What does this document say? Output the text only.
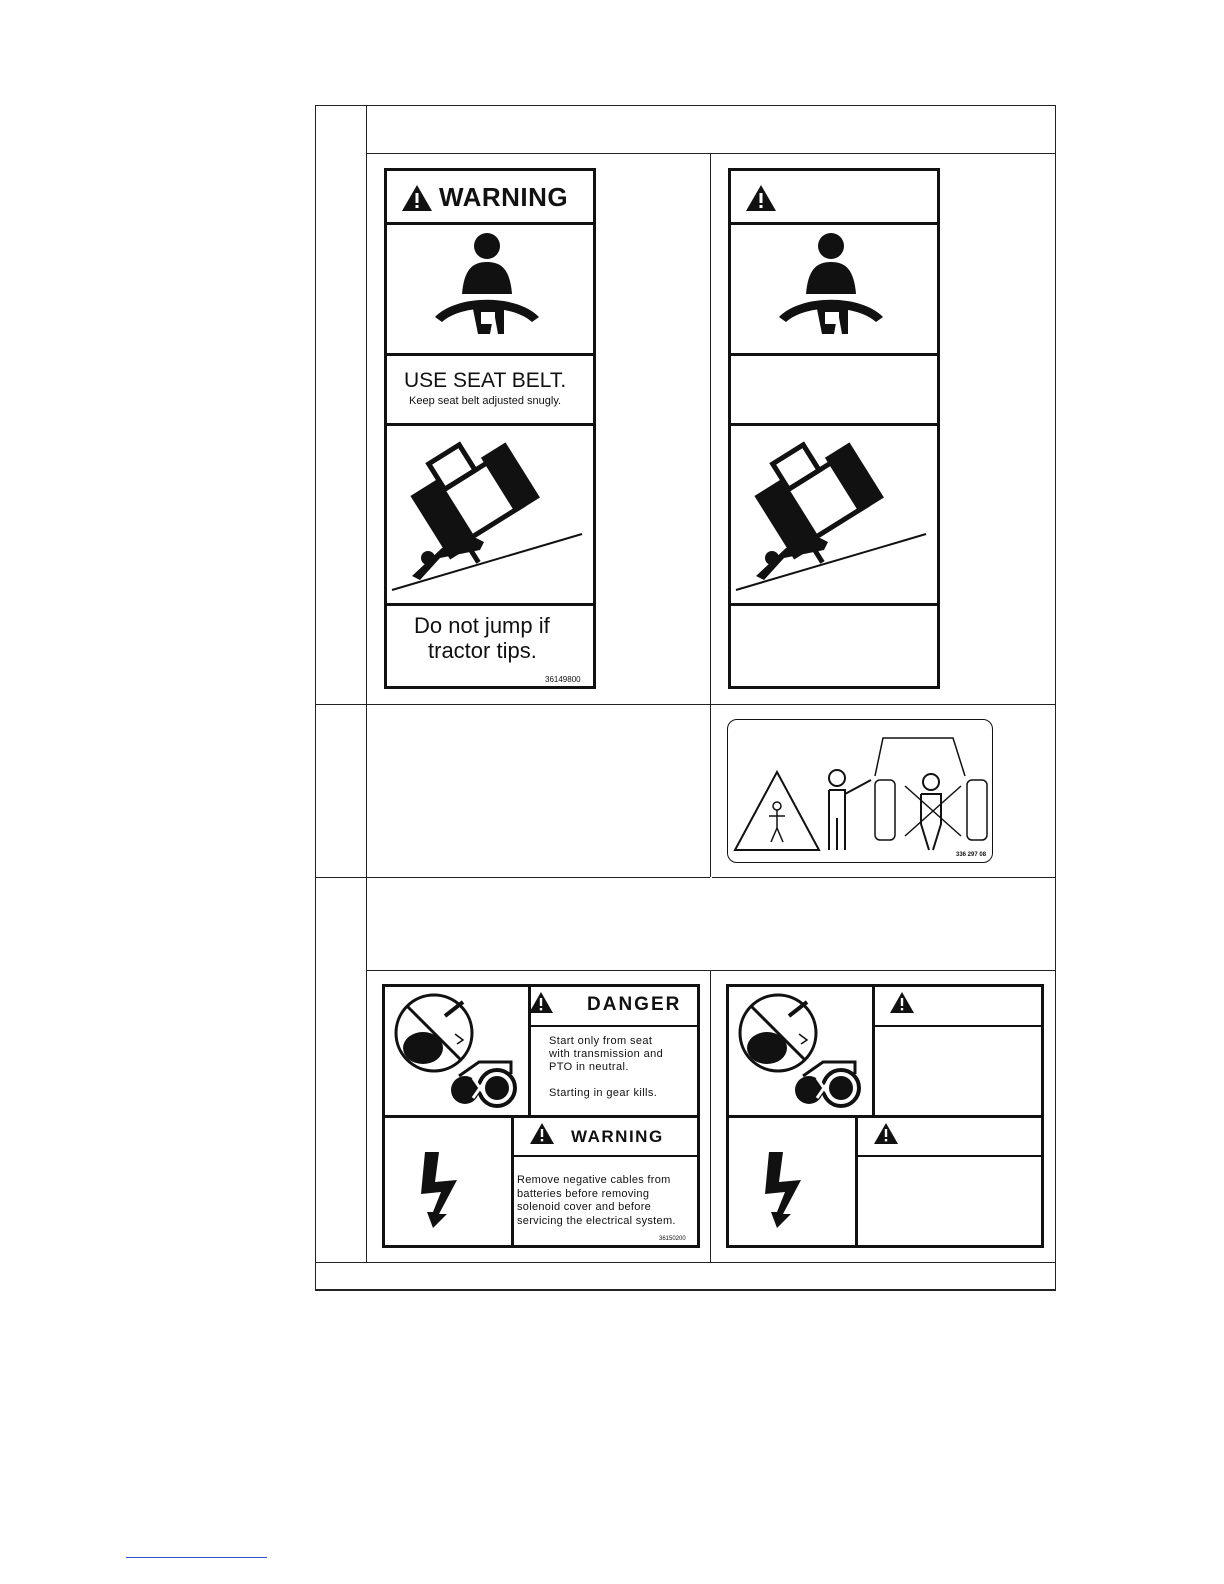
WARNING
USE SEAT BELT.
Keep seat belt adjusted snugly.
Do not jump if
tractor tips.
36149800
336 297 08
DANGER
Start only from seat
with transmission and
PTO in neutral.
Starting in gear kills.
WARNING
Remove negative cables from
batteries before removing
solenoid cover and before
servicing the electrical system.
36150200
